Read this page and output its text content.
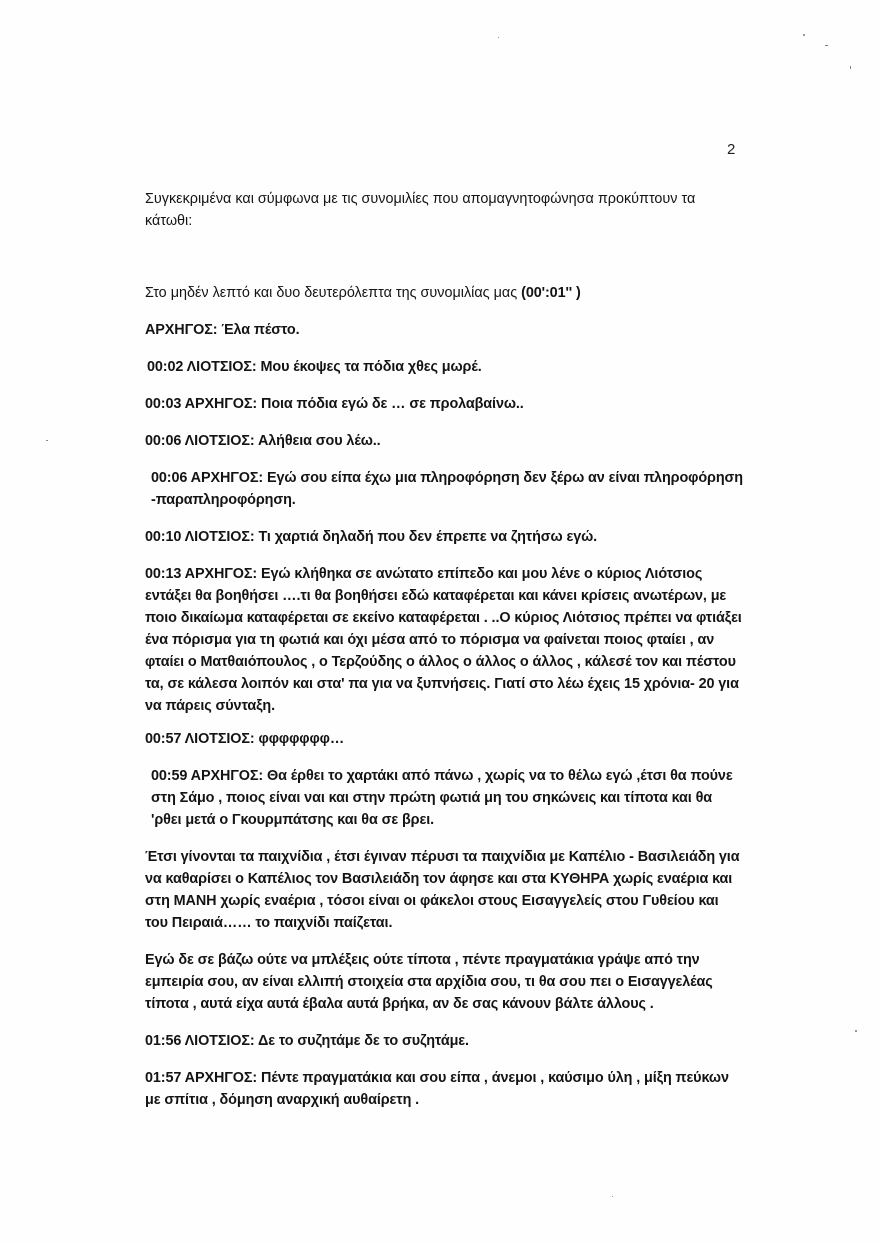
2

Συγκεκριμένα και σύμφωνα με τις συνομιλίες που απομαγνητοφώνησα προκύπτουν τα κάτωθι:

Στο μηδέν λεπτό και δυο δευτερόλεπτα της συνομιλίας μας (00':01'' )

ΑΡΧΗΓΟΣ: Έλα πέστο.

00:02 ΛΙΟΤΣΙΟΣ: Μου έκοψες τα πόδια χθες μωρέ.

00:03 ΑΡΧΗΓΟΣ: Ποια πόδια εγώ δε … σε προλαβαίνω..

00:06 ΛΙΟΤΣΙΟΣ: Αλήθεια σου λέω..

00:06 ΑΡΧΗΓΟΣ: Εγώ σου είπα έχω μια πληροφόρηση δεν ξέρω αν είναι πληροφόρηση -παραπληροφόρηση.

00:10 ΛΙΟΤΣΙΟΣ: Τι χαρτιά δηλαδή που δεν έπρεπε να ζητήσω εγώ.

00:13 ΑΡΧΗΓΟΣ: Εγώ κλήθηκα σε ανώτατο επίπεδο και μου λένε ο κύριος Λιότσιος εντάξει θα βοηθήσει ….τι θα βοηθήσει εδώ καταφέρεται και κάνει κρίσεις ανωτέρων, με ποιο δικαίωμα καταφέρεται σε εκείνο καταφέρεται . ..Ο κύριος Λιότσιος πρέπει να φτιάξει ένα πόρισμα για τη φωτιά και όχι μέσα από το πόρισμα να φαίνεται ποιος φταίει , αν φταίει ο Ματθαιόπουλος , ο Τερζούδης ο άλλος ο άλλος ο άλλος , κάλεσέ τον και πέστου τα, σε κάλεσα λοιπόν και στα' πα για να ξυπνήσεις. Γιατί στο λέω έχεις 15 χρόνια- 20 για να πάρεις σύνταξη.

00:57 ΛΙΟΤΣΙΟΣ: φφφφφφφ…

00:59 ΑΡΧΗΓΟΣ: Θα έρθει το χαρτάκι από πάνω , χωρίς να το θέλω εγώ ,έτσι θα πούνε στη Σάμο , ποιος είναι ναι και στην πρώτη φωτιά μη του σηκώνεις και τίποτα και θα 'ρθει μετά ο Γκουρμπάτσης και θα σε βρει.

Έτσι γίνονται τα παιχνίδια , έτσι έγιναν πέρυσι τα παιχνίδια με Καπέλιο - Βασιλειάδη για να καθαρίσει ο Καπέλιος τον Βασιλειάδη τον άφησε και στα ΚΥΘΗΡΑ χωρίς εναέρια και στη ΜΑΝΗ χωρίς εναέρια , τόσοι είναι οι φάκελοι στους Εισαγγελείς στου Γυθείου και του Πειραιά…… το παιχνίδι παίζεται.

Εγώ δε σε βάζω ούτε να μπλέξεις ούτε τίποτα , πέντε πραγματάκια γράψε από την εμπειρία σου, αν είναι ελλιπή στοιχεία στα αρχίδια σου, τι θα σου πει ο Εισαγγελέας τίποτα , αυτά είχα αυτά έβαλα αυτά βρήκα, αν δε σας κάνουν βάλτε άλλους .

01:56 ΛΙΟΤΣΙΟΣ: Δε το συζητάμε δε το συζητάμε.

01:57 ΑΡΧΗΓΟΣ: Πέντε πραγματάκια και σου είπα , άνεμοι , καύσιμο ύλη , μίξη πεύκων με σπίτια , δόμηση αναρχική αυθαίρετη .
